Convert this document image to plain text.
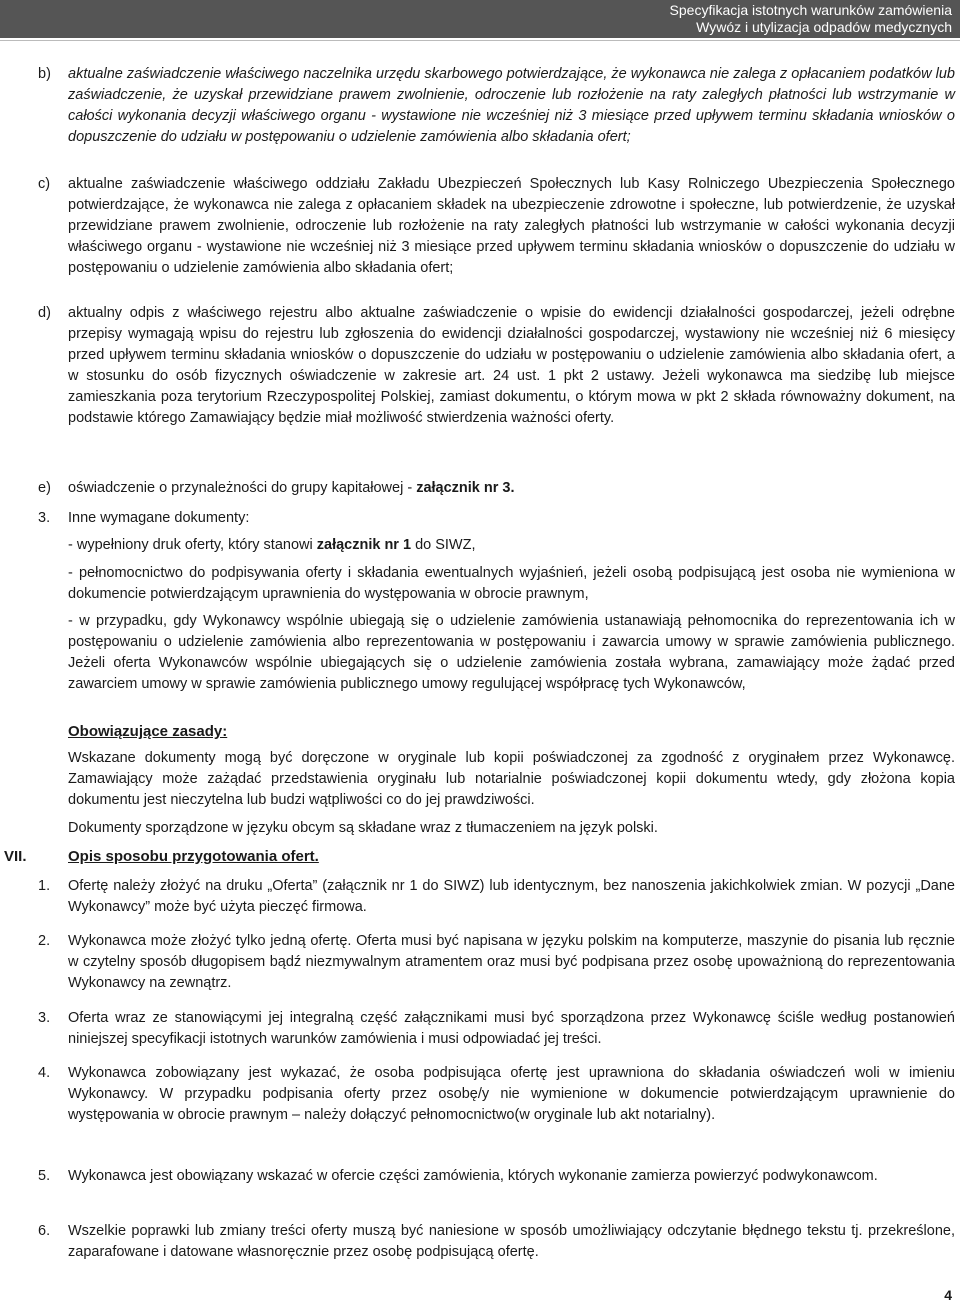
Specyfikacja istotnych warunków zamówienia
Wywóz i utylizacja odpadów medycznych
b) aktualne zaświadczenie właściwego naczelnika urzędu skarbowego potwierdzające, że wykonawca nie zalega z opłacaniem podatków lub zaświadczenie, że uzyskał przewidziane prawem zwolnienie, odroczenie lub rozłożenie na raty zaległych płatności lub wstrzymanie w całości wykonania decyzji właściwego organu - wystawione nie wcześniej niż 3 miesiące przed upływem terminu składania wniosków o dopuszczenie do udziału w postępowaniu o udzielenie zamówienia albo składania ofert;
c) aktualne zaświadczenie właściwego oddziału Zakładu Ubezpieczeń Społecznych lub Kasy Rolniczego Ubezpieczenia Społecznego potwierdzające, że wykonawca nie zalega z opłacaniem składek na ubezpieczenie zdrowotne i społeczne, lub potwierdzenie, że uzyskał przewidziane prawem zwolnienie, odroczenie lub rozłożenie na raty zaległych płatności lub wstrzymanie w całości wykonania decyzji właściwego organu - wystawione nie wcześniej niż 3 miesiące przed upływem terminu składania wniosków o dopuszczenie do udziału w postępowaniu o udzielenie zamówienia albo składania ofert;
d) aktualny odpis z właściwego rejestru albo aktualne zaświadczenie o wpisie do ewidencji działalności gospodarczej, jeżeli odrębne przepisy wymagają wpisu do rejestru lub zgłoszenia do ewidencji działalności gospodarczej, wystawiony nie wcześniej niż 6 miesięcy przed upływem terminu składania wniosków o dopuszczenie do udziału w postępowaniu o udzielenie zamówienia albo składania ofert, a w stosunku do osób fizycznych oświadczenie w zakresie art. 24 ust. 1 pkt 2 ustawy. Jeżeli wykonawca ma siedzibę lub miejsce zamieszkania poza terytorium Rzeczypospolitej Polskiej, zamiast dokumentu, o którym mowa w pkt 2 składa równoważny dokument, na podstawie którego Zamawiający będzie miał możliwość stwierdzenia ważności oferty.
e) oświadczenie o przynależności do grupy kapitałowej - załącznik nr 3.
3. Inne wymagane dokumenty:
- wypełniony druk oferty, który stanowi załącznik nr 1 do SIWZ,
- pełnomocnictwo do podpisywania oferty i składania ewentualnych wyjaśnień, jeżeli osobą podpisującą jest osoba nie wymieniona w dokumencie potwierdzającym uprawnienia do występowania w obrocie prawnym,
- w przypadku, gdy Wykonawcy wspólnie ubiegają się o udzielenie zamówienia ustanawiają pełnomocnika do reprezentowania ich w postępowaniu o udzielenie zamówienia albo reprezentowania w postępowaniu i zawarcia umowy w sprawie zamówienia publicznego. Jeżeli oferta Wykonawców wspólnie ubiegających się o udzielenie zamówienia została wybrana, zamawiający może żądać przed zawarciem umowy w sprawie zamówienia publicznego umowy regulującej współpracę tych Wykonawców,
Obowiązujące zasady:
Wskazane dokumenty mogą być doręczone w oryginale lub kopii poświadczonej za zgodność z oryginałem przez Wykonawcę. Zamawiający może zażądać przedstawienia oryginału lub notarialnie poświadczonej kopii dokumentu wtedy, gdy złożona kopia dokumentu jest nieczytelna lub budzi wątpliwości co do jej prawdziwości.
Dokumenty sporządzone w języku obcym są składane wraz z tłumaczeniem na język polski.
VII.	Opis sposobu przygotowania ofert.
1. Ofertę należy złożyć na druku „Oferta” (załącznik nr 1 do SIWZ) lub identycznym, bez nanoszenia jakichkolwiek zmian. W pozycji „Dane Wykonawcy” może być użyta pieczęć firmowa.
2. Wykonawca może złożyć tylko jedną ofertę. Oferta musi być napisana w języku polskim na komputerze, maszynie do pisania lub ręcznie w czytelny sposób długopisem bądź niezmywalnym atramentem oraz musi być podpisana przez osobę upoważnioną do reprezentowania Wykonawcy na zewnątrz.
3. Oferta wraz ze stanowiącymi jej integralną część załącznikami musi być sporządzona przez Wykonawcę ściśle według postanowień niniejszej specyfikacji istotnych warunków zamówienia i musi odpowiadać jej treści.
4. Wykonawca zobowiązany jest wykazać, że osoba podpisująca ofertę jest uprawniona do składania oświadczeń woli w imieniu Wykonawcy. W przypadku podpisania oferty przez osobę/y nie wymienione w dokumencie potwierdzającym uprawnienie do występowania w obrocie prawnym – należy dołączyć pełnomocnictwo(w oryginale lub akt notarialny).
5. Wykonawca jest obowiązany wskazać w ofercie części zamówienia, których wykonanie zamierza powierzyć podwykonawcom.
6. Wszelkie poprawki lub zmiany treści oferty muszą być naniesione w sposób umożliwiający odczytanie błędnego tekstu tj. przekreślone, zaparafowane i datowane własnoręcznie przez osobę podpisującą ofertę.
4
